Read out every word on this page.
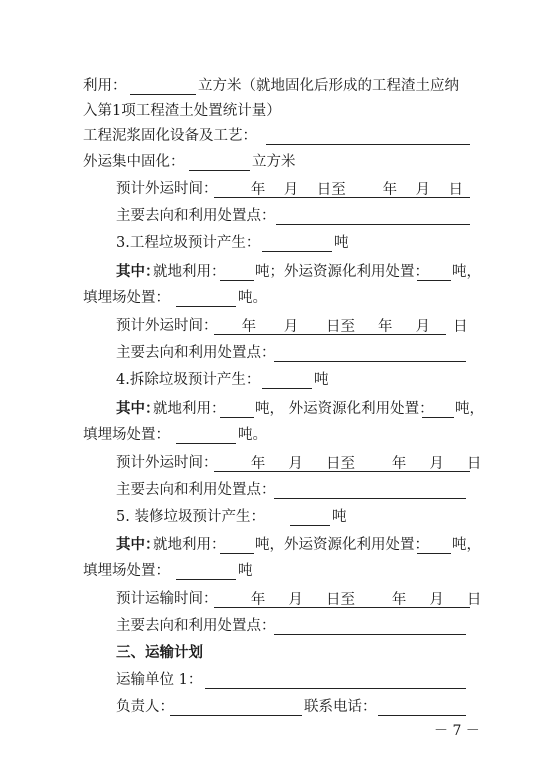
利用：	立方米（就地固化后形成的工程渣土应纳
入第1项工程渣土处置统计量）
工程泥浆固化设备及工艺：
外运集中固化：	立方米
预计外运时间：
年    月    日至        年    月    日
主要去向和利用处置点：
3.工程垃圾预计产生：	吨
其中：
就地利用： 吨；外运资源化利用处置： 吨，
填埋场处置：	吨。
预计外运时间：
年      月      日至     年     月     日
主要去向和利用处置点：
4.拆除垃圾预计产生：	吨
其中：
就地利用： 吨， 外运资源化利用处置： 吨，
填埋场处置：	吨。
预计外运时间：
年     月     日至        年     月     日
主要去向和利用处置点：
5. 装修垃圾预计产生：	吨
其中：
就地利用： 吨，外运资源化利用处置： 吨，
填埋场处置：	吨
预计运输时间：
年     月     日至        年     月     日
主要去向和利用处置点：
三、运输计划
运输单位 1：
负责人：	联系电话：
－ 7 －
